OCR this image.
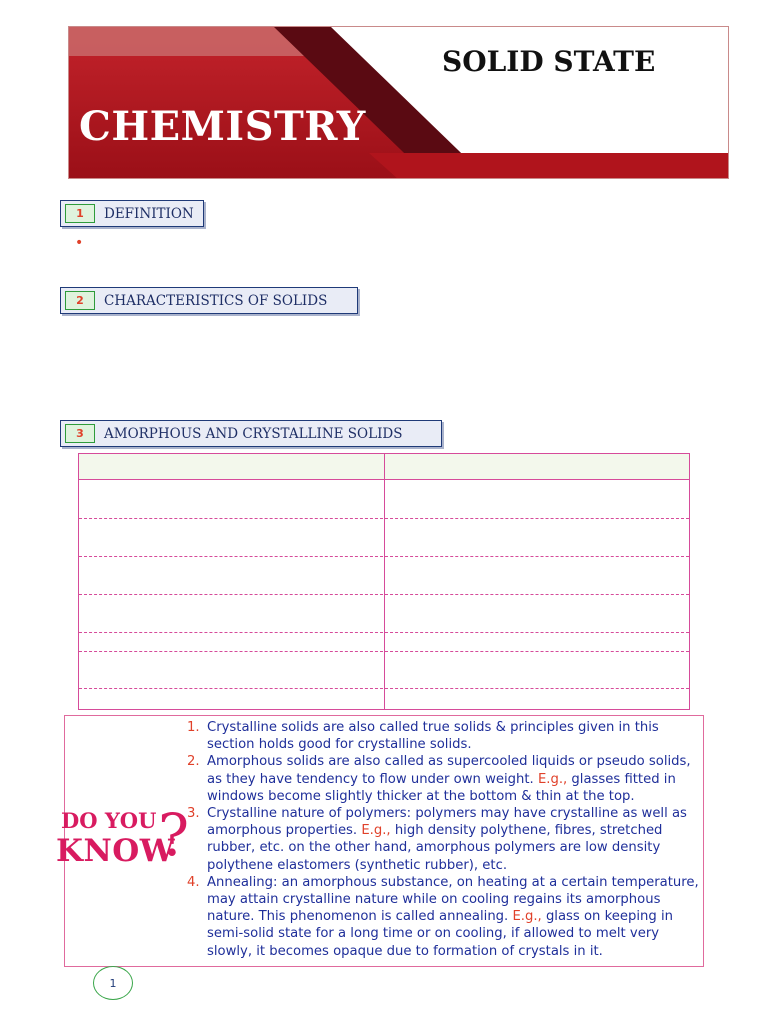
CHEMISTRY
SOLID STATE
1	DEFINITION
•
2	CHARACTERISTICS OF SOLIDS
3	AMORPHOUS AND CRYSTALLINE SOLIDS

DO YOU

KNOW

?

1. Crystalline solids are also called true solids & principles given in this section holds good for crystalline solids.
2. Amorphous solids are also called as supercooled liquids or pseudo solids, as they have tendency to flow under own weight. E.g., glasses fitted in windows become slightly thicker at the bottom & thin at the top.
3. Crystalline nature of polymers: polymers may have crystalline as well as amorphous properties. E.g., high density polythene, fibres, stretched rubber, etc. on the other hand, amorphous polymers are low density polythene elastomers (synthetic rubber), etc.
4. Annealing: an amorphous substance, on heating at a certain temperature, may attain crystalline nature while on cooling regains its amorphous nature. This phenomenon is called annealing. E.g., glass on keeping in semi-solid state for a long time or on cooling, if allowed to melt very slowly, it becomes opaque due to formation of crystals in it.
1
